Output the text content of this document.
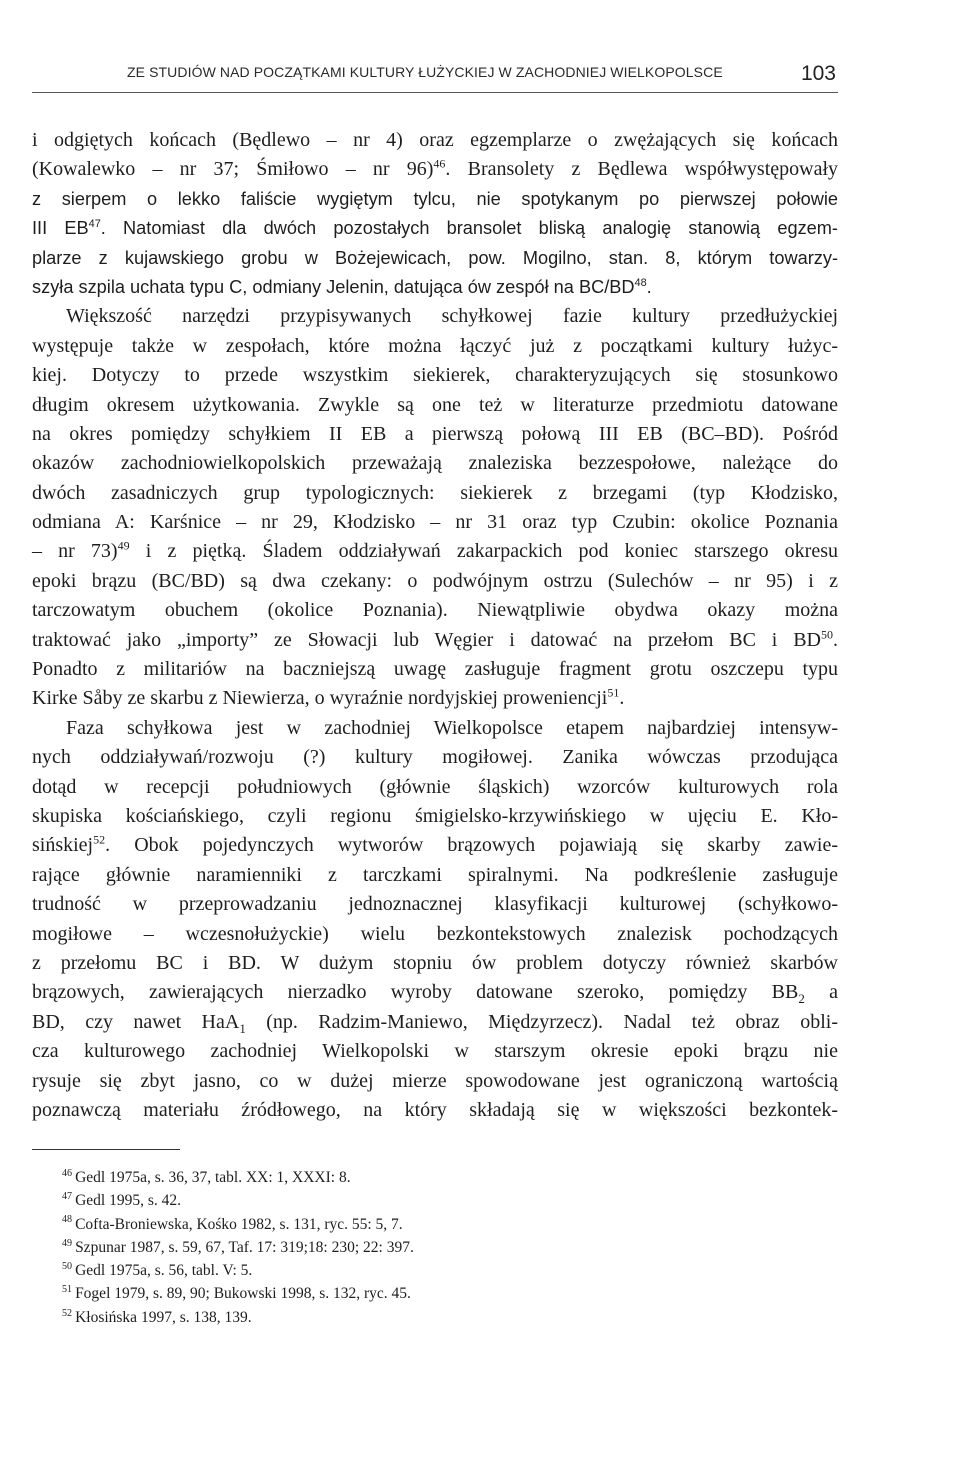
ZE STUDIÓW NAD POCZĄTKAMI KULTURY ŁUŻYCKIEJ W ZACHODNIEJ WIELKOPOLSCE	103
i odgiętych końcach (Będlewo – nr 4) oraz egzemplarze o zwężających się końcach
(Kowalewko – nr 37; Śmiłowo – nr 96)$^{46}$. Bransolety z Będlewa współwystępowały
z sierpem o lekko faliście wygiętym tylcu, nie spotykanym po pierwszej połowie
III EB$^{47}$. Natomiast dla dwóch pozostałych bransolet bliską analogię stanowią egzem-
plarze z kujawskiego grobu w Bożejewicach, pow. Mogilno, stan. 8, którym towarzy-
szyła szpila uchata typu C, odmiany Jelenin, datująca ów zespół na BC/BD$^{48}$.
Większość narzędzi przypisywanych schyłkowej fazie kultury przedłużyckiej
występuje także w zespołach, które można łączyć już z początkami kultury łużyc-
kiej. Dotyczy to przede wszystkim siekierek, charakteryzujących się stosunkowo
długim okresem użytkowania. Zwykle są one też w literaturze przedmiotu datowane
na okres pomiędzy schyłkiem II EB a pierwszą połową III EB (BC–BD). Pośród
okazów zachodniowielkopolskich przeważają znaleziska bezzespołowe, należące do
dwóch zasadniczych grup typologicznych: siekierek z brzegami (typ Kłodzisko,
odmiana A: Karśnice – nr 29, Kłodzisko – nr 31 oraz typ Czubin: okolice Poznania
– nr 73)$^{49}$ i z piętką. Śladem oddziaływań zakarpackich pod koniec starszego okresu
epoki brązu (BC/BD) są dwa czekany: o podwójnym ostrzu (Sulechów – nr 95) i z
tarczowatym obuchem (okolice Poznania). Niewątpliwie obydwa okazy można
traktować jako „importy” ze Słowacji lub Węgier i datować na przełom BC i BD$^{50}$.
Ponadto z militariów na baczniejszą uwagę zasługuje fragment grotu oszczepu typu
Kirke Såby ze skarbu z Niewierza, o wyraźnie nordyjskiej proweniencji$^{51}$.
Faza schyłkowa jest w zachodniej Wielkopolsce etapem najbardziej intensyw-
nych oddziaływań/rozwoju (?) kultury mogiłowej. Zanika wówczas przodująca
dotąd w recepcji południowych (głównie śląskich) wzorców kulturowych rola
skupiska kościańskiego, czyli regionu śmigielsko-krzywińskiego w ujęciu E. Kło-
sińskiej$^{52}$. Obok pojedynczych wytworów brązowych pojawiają się skarby zawie-
rające głównie naramienniki z tarczkami spiralnymi. Na podkreślenie zasługuje
trudność w przeprowadzaniu jednoznacznej klasyfikacji kulturowej (schyłkowo-
mogiłowe – wczesnołużyckie) wielu bezkontekstowych znalezisk pochodzących
z przełomu BC i BD. W dużym stopniu ów problem dotyczy również skarbów
brązowych, zawierających nierzadko wyroby datowane szeroko, pomiędzy $BB_2$ a
BD, czy nawet HaA$_1$ (np. Radzim-Maniewo, Międzyrzecz). Nadal też obraz obli-
cza kulturowego zachodniej Wielkopolski w starszym okresie epoki brązu nie
rysuje się zbyt jasno, co w dużej mierze spowodowane jest ograniczoną wartością
poznawczą materiału źródłowego, na który składają się w większości bezkontek-
$^{46}$ Gedl 1975a, s. 36, 37, tabl. XX: 1, XXXI: 8.
$^{47}$ Gedl 1995, s. 42.
$^{48}$ Cofta-Broniewska, Kośko 1982, s. 131, ryc. 55: 5, 7.
$^{49}$ Szpunar 1987, s. 59, 67, Taf. 17: 319;18: 230; 22: 397.
$^{50}$ Gedl 1975a, s. 56, tabl. V: 5.
$^{51}$ Fogel 1979, s. 89, 90; Bukowski 1998, s. 132, ryc. 45.
$^{52}$ Kłosińska 1997, s. 138, 139.
